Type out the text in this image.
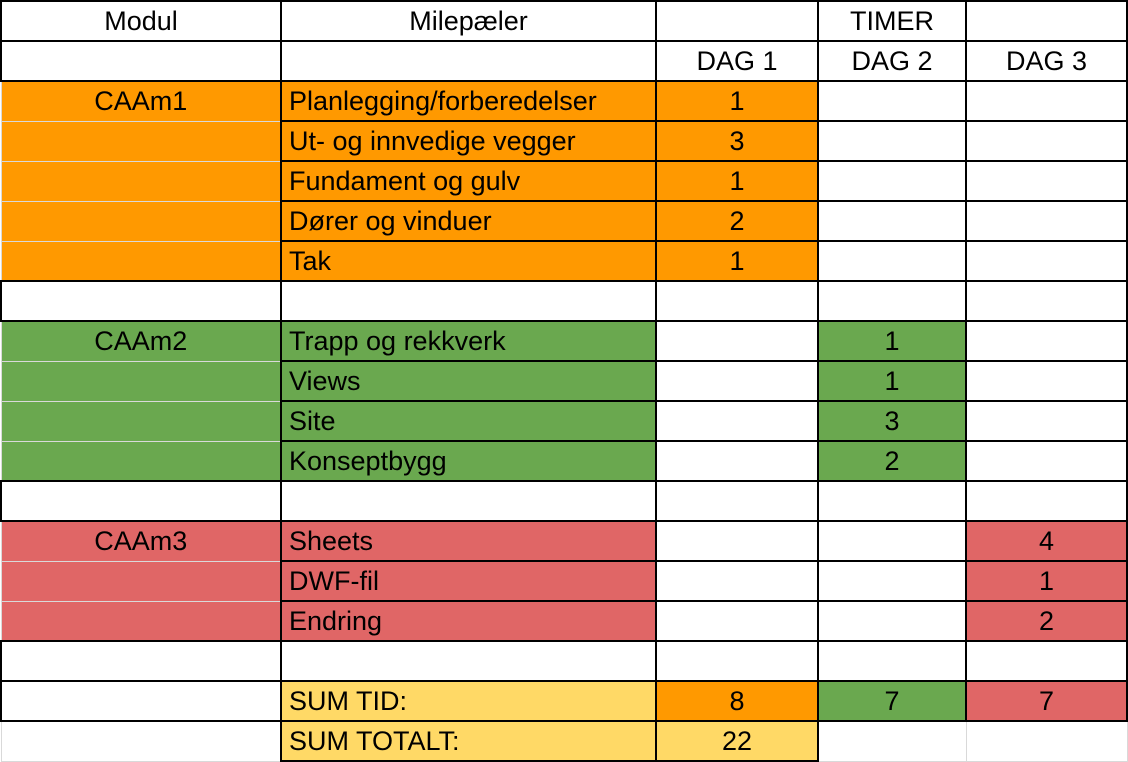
Modul	Milepæler		TIMER	
		DAG 1	DAG 2	DAG 3
CAAm1	Planlegging/forberedelser	1		
	Ut- og innvedige vegger	3		
	Fundament og gulv	1		
	Dører og vinduer	2		
	Tak	1		

CAAm2	Trapp og rekkverk		1	
	Views		1	
	Site		3	
	Konseptbygg		2	

CAAm3	Sheets			4
	DWF-fil			1
	Endring			2

	SUM TID:	8	7	7
	SUM TOTALT:	22		
